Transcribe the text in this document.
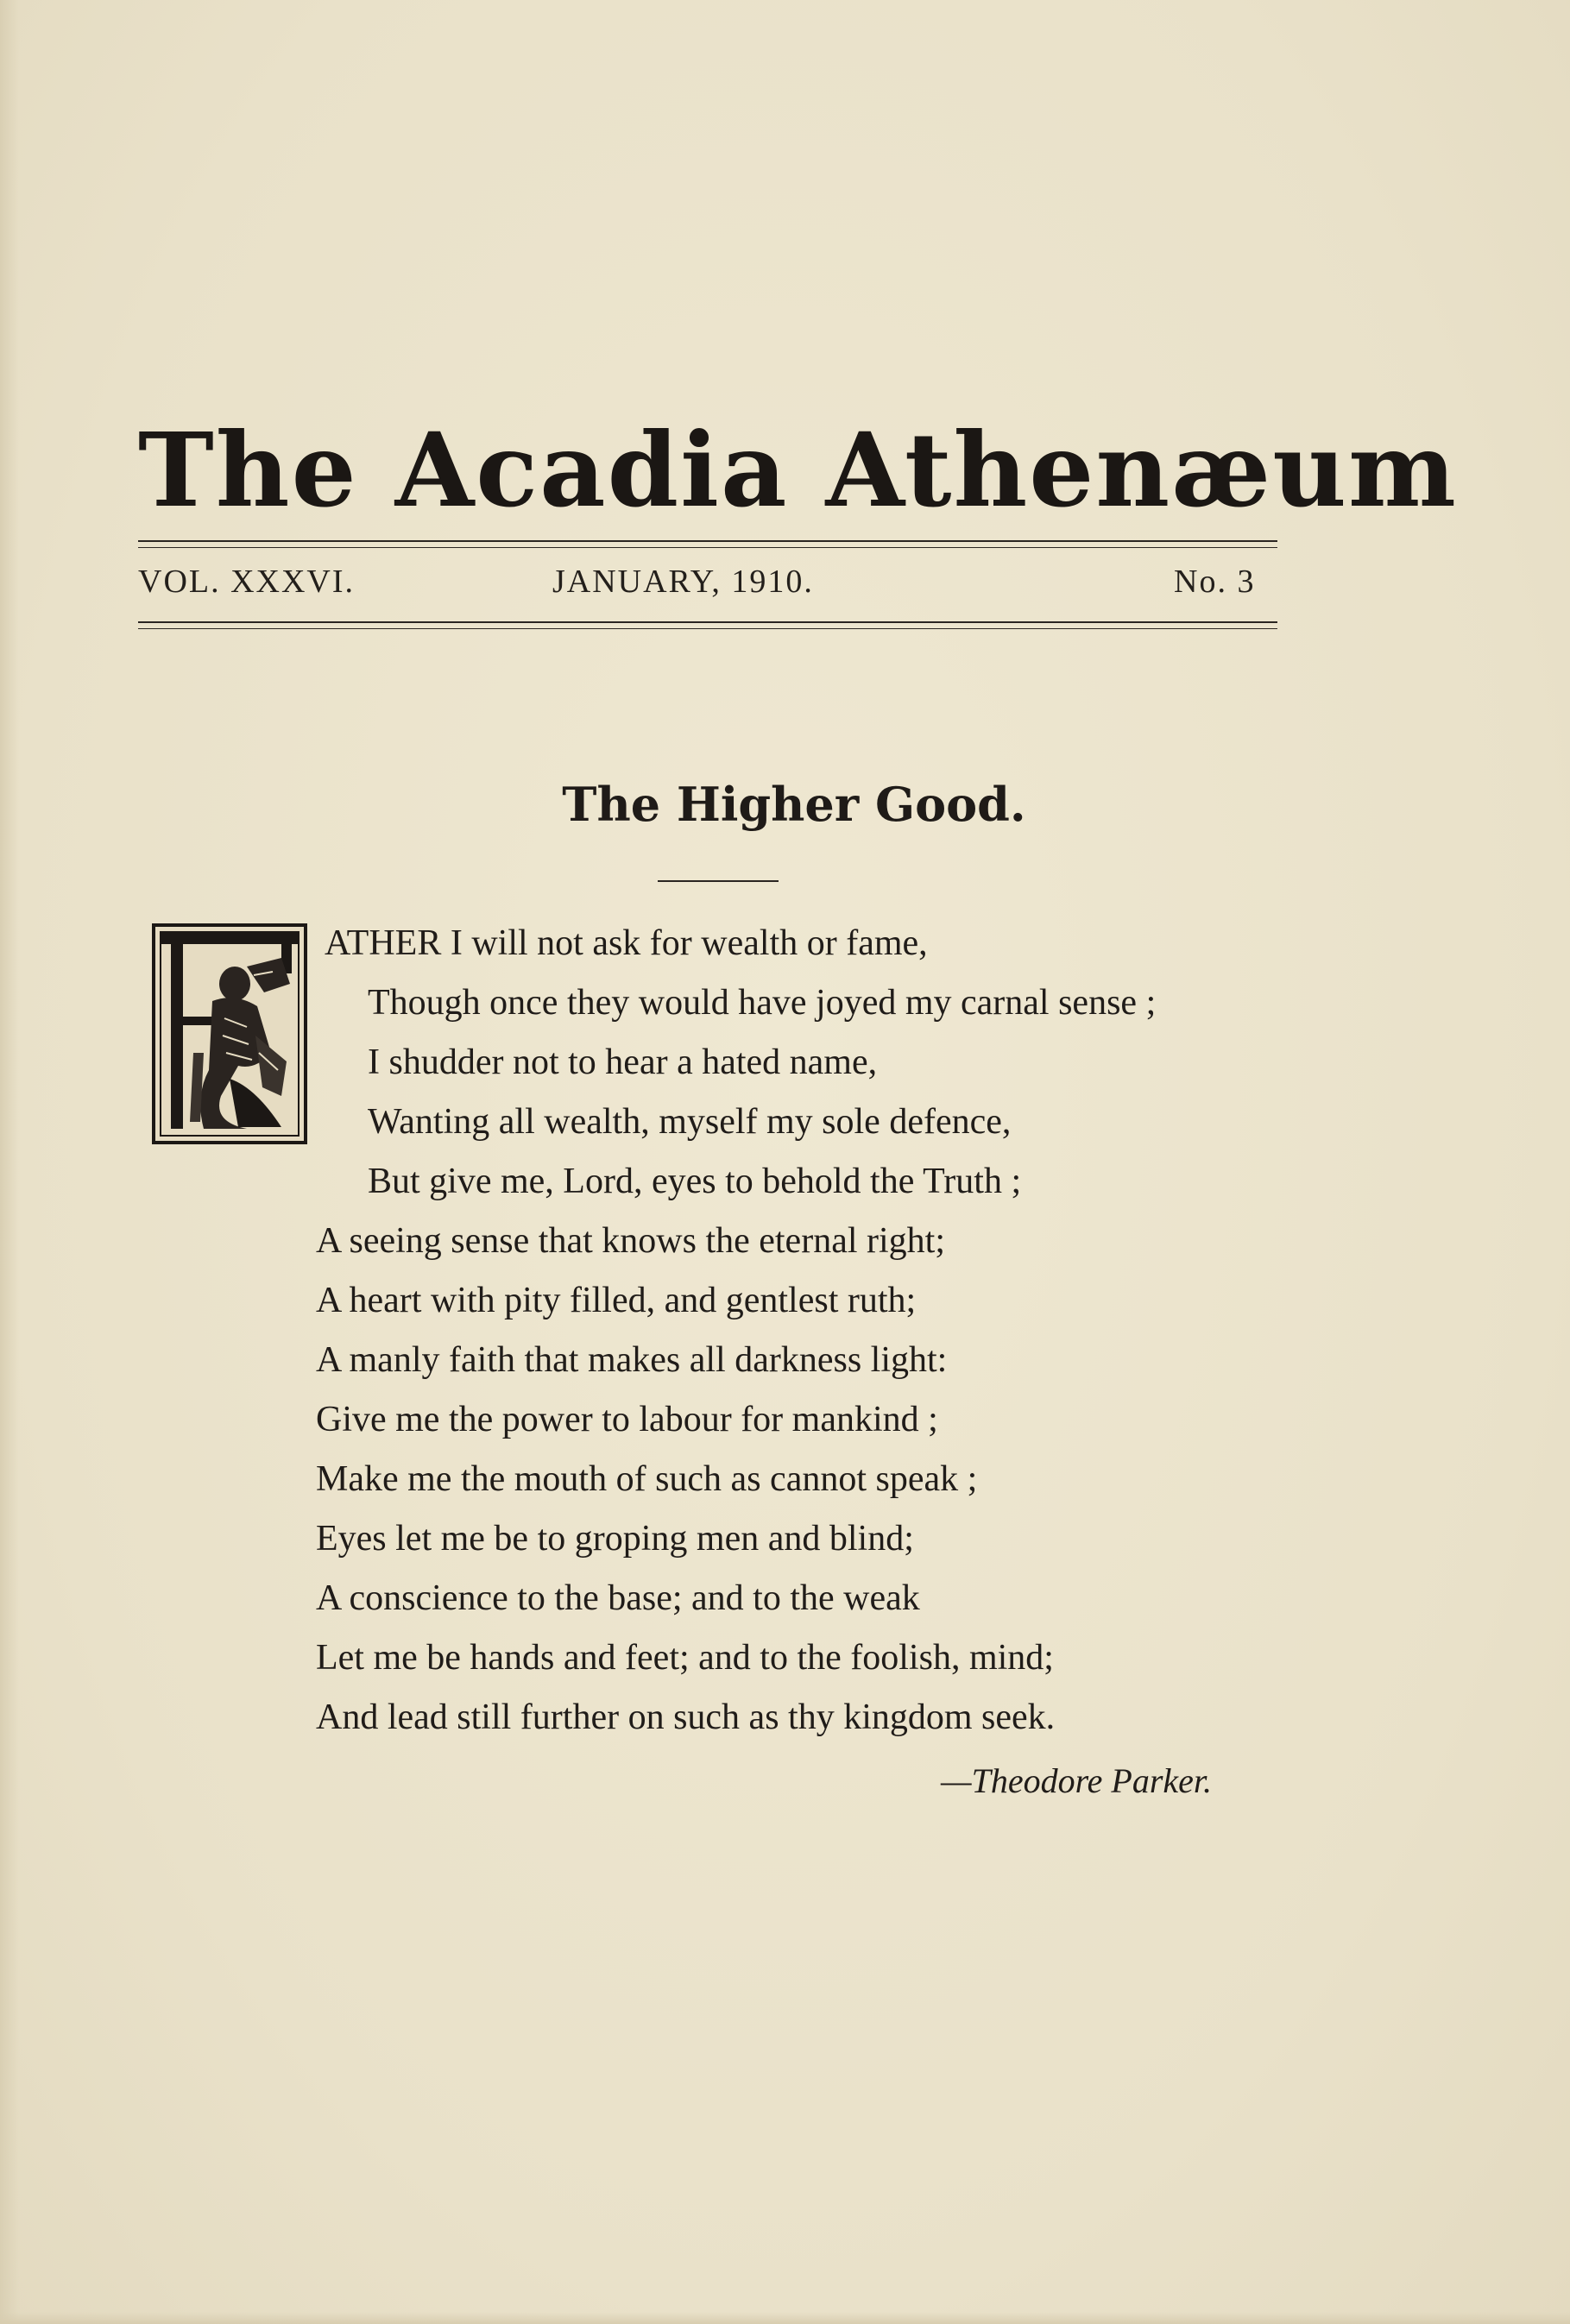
The Acadia Athenæum
VOL. XXXVI.	JANUARY, 1910.	No. 3
The Higher Good.
ATHER I will not ask for wealth or fame,
Though once they would have joyed my carnal sense ;
I shudder not to hear a hated name,
Wanting all wealth, myself my sole defence,
But give me, Lord, eyes to behold the Truth ;
A seeing sense that knows the eternal right;
A heart with pity filled, and gentlest ruth;
A manly faith that makes all darkness light:
Give me the power to labour for mankind ;
Make me the mouth of such as cannot speak ;
Eyes let me be to groping men and blind;
A conscience to the base; and to the weak
Let me be hands and feet; and to the foolish, mind;
And lead still further on such as thy kingdom seek.
—Theodore Parker.
